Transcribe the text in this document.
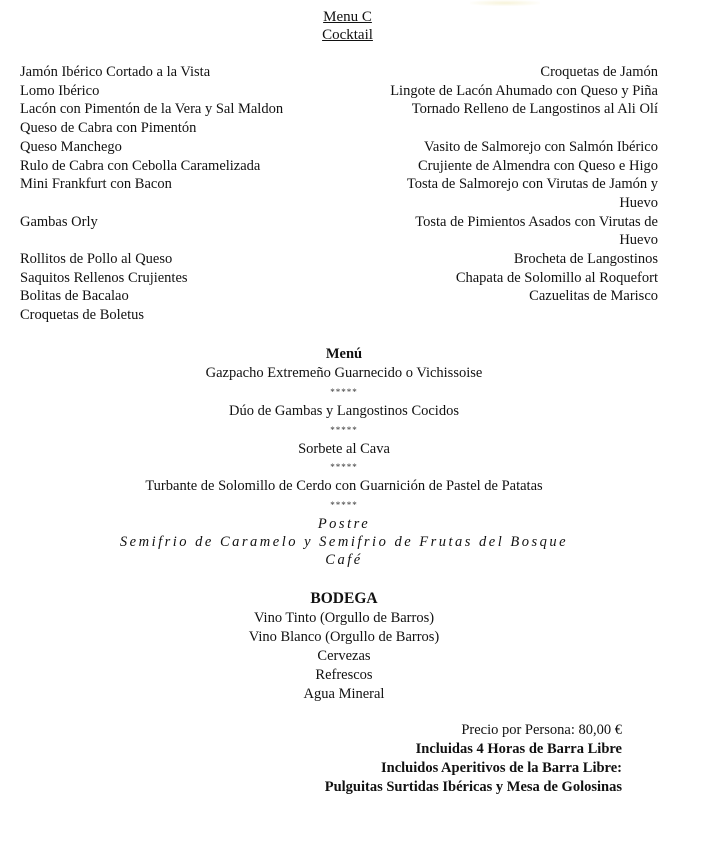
Menu C
Cocktail
Jamón Ibérico Cortado a la Vista
Lomo Ibérico
Lacón con Pimentón de la Vera y Sal Maldon
Queso de Cabra con Pimentón
Queso Manchego
Rulo de Cabra con Cebolla Caramelizada
Mini Frankfurt con Bacon
Gambas Orly
Rollitos de Pollo al Queso
Saquitos Rellenos Crujientes
Bolitas de Bacalao
Croquetas de Boletus
Croquetas de Jamón
Lingote de Lacón Ahumado con Queso y Piña
Tornado Relleno de Langostinos al Ali Olí
Vasito de Salmorejo con Salmón Ibérico
Crujiente de Almendra con Queso e Higo
Tosta de Salmorejo con Virutas de Jamón y
Huevo
Tosta de Pimientos Asados con Virutas de
Huevo
Brocheta de Langostinos
Chapata de Solomillo al Roquefort
Cazuelitas de Marisco
Menú
Gazpacho Extremeño Guarnecido o Vichissoise
*****
Dúo de Gambas y Langostinos Cocidos
*****
Sorbete al Cava
*****
Turbante de Solomillo de Cerdo con Guarnición de Pastel de Patatas
*****
Postre
Semifrio de Caramelo y Semifrio de Frutas del Bosque
Café
BODEGA
Vino Tinto (Orgullo de Barros)
Vino Blanco (Orgullo de Barros)
Cervezas
Refrescos
Agua Mineral
Precio por Persona: 80,00 €
Incluidas 4 Horas de Barra Libre
Incluidos Aperitivos de la Barra Libre:
Pulguitas Surtidas Ibéricas y Mesa de Golosinas
